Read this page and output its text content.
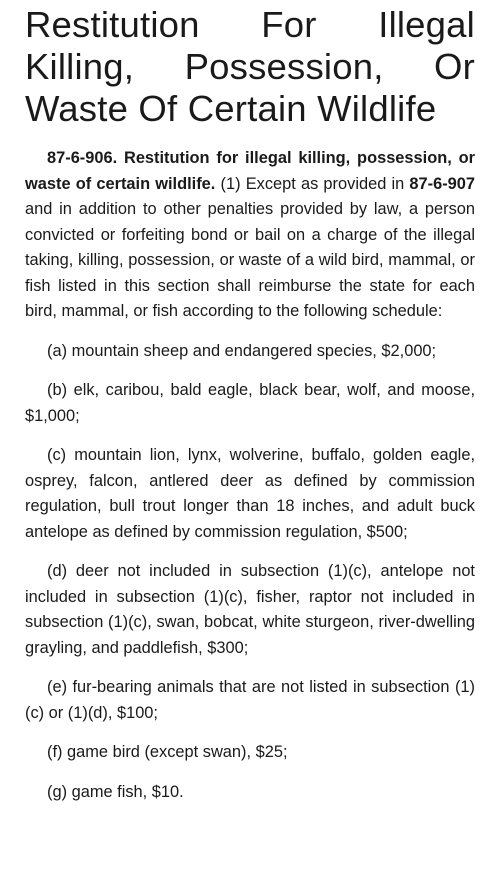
Restitution For Illegal Killing, Possession, Or Waste Of Certain Wildlife

87-6-906. Restitution for illegal killing, possession, or waste of certain wildlife. (1) Except as provided in 87-6-907 and in addition to other penalties provided by law, a person convicted or forfeiting bond or bail on a charge of the illegal taking, killing, possession, or waste of a wild bird, mammal, or fish listed in this section shall reimburse the state for each bird, mammal, or fish according to the following schedule:

(a) mountain sheep and endangered species, $2,000;

(b) elk, caribou, bald eagle, black bear, wolf, and moose, $1,000;

(c) mountain lion, lynx, wolverine, buffalo, golden eagle, osprey, falcon, antlered deer as defined by commission regulation, bull trout longer than 18 inches, and adult buck antelope as defined by commission regulation, $500;

(d) deer not included in subsection (1)(c), antelope not included in subsection (1)(c), fisher, raptor not included in subsection (1)(c), swan, bobcat, white sturgeon, river-dwelling grayling, and paddlefish, $300;

(e) fur-bearing animals that are not listed in subsection (1)(c) or (1)(d), $100;

(f) game bird (except swan), $25;

(g) game fish, $10.
